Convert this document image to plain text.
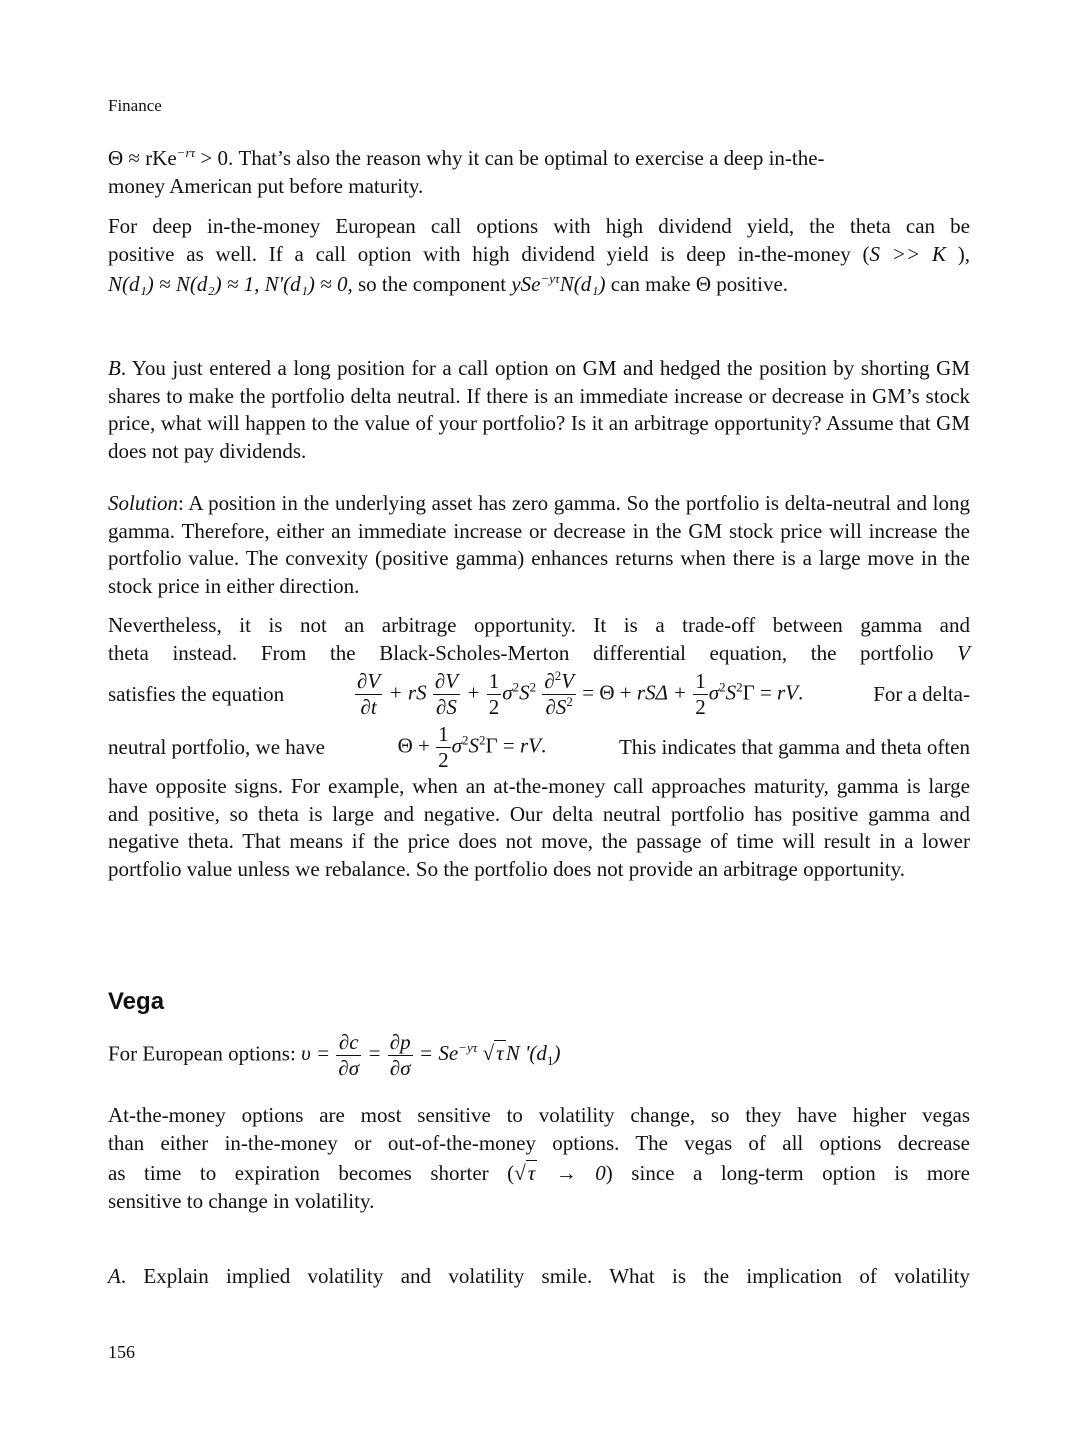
Finance
Θ ≈ rKe$^{-r\tau}$ > 0. That’s also the reason why it can be optimal to exercise a deep in-the-
money American put before maturity.
For deep in-the-money European call options with high dividend yield, the theta can be
positive as well. If a call option with high dividend yield is deep in-the-money (S >> K ),
N(d₁) ≈ N(d₂) ≈ 1, N'(d₁) ≈ 0, so the component ySe$^{-y\tau}$N(d₁) can make Θ positive.
B. You just entered a long position for a call option on GM and hedged the position by shorting GM shares to make the portfolio delta neutral. If there is an immediate increase or decrease in GM’s stock price, what will happen to the value of your portfolio? Is it an arbitrage opportunity? Assume that GM does not pay dividends.
Solution: A position in the underlying asset has zero gamma. So the portfolio is delta-neutral and long gamma. Therefore, either an immediate increase or decrease in the GM stock price will increase the portfolio value. The convexity (positive gamma) enhances returns when there is a large move in the stock price in either direction.
Nevertheless, it is not an arbitrage opportunity. It is a trade-off between gamma and
theta instead. From the Black-Scholes-Merton differential equation, the portfolio V
satisfies the equation	$\frac{\partial V}{\partial t}$ + rS $\frac{\partial V}{\partial S} + \frac{1}{2} \sigma^2S^2 \frac{\partial^2V}{\partial S^2} = \Theta + rS\Delta + \frac{1}{2} \sigma^2S^2\Gamma$ = rV.	For a delta-
neutral portfolio, we have	$\Theta + \frac{1}{2} \sigma^2S^2\Gamma$ = rV.	This indicates that gamma and theta often
have opposite signs. For example, when an at-the-money call approaches maturity, gamma is large and positive, so theta is large and negative. Our delta neutral portfolio has positive gamma and negative theta. That means if the price does not move, the passage of time will result in a lower portfolio value unless we rebalance. So the portfolio does not provide an arbitrage opportunity.
Vega
For European options: $\upsilon = \frac{\partial c}{\partial\sigma} = \frac{\partial p}{\partial\sigma} = Se^{-y\tau}$ √τN '$(d_1)$
At-the-money options are most sensitive to volatility change, so they have higher vegas
than either in-the-money or out-of-the-money options. The vegas of all options decrease
as time to expiration becomes shorter (√τ → 0) since a long-term option is more
sensitive to change in volatility.
A. Explain implied volatility and volatility smile. What is the implication of volatility
156
